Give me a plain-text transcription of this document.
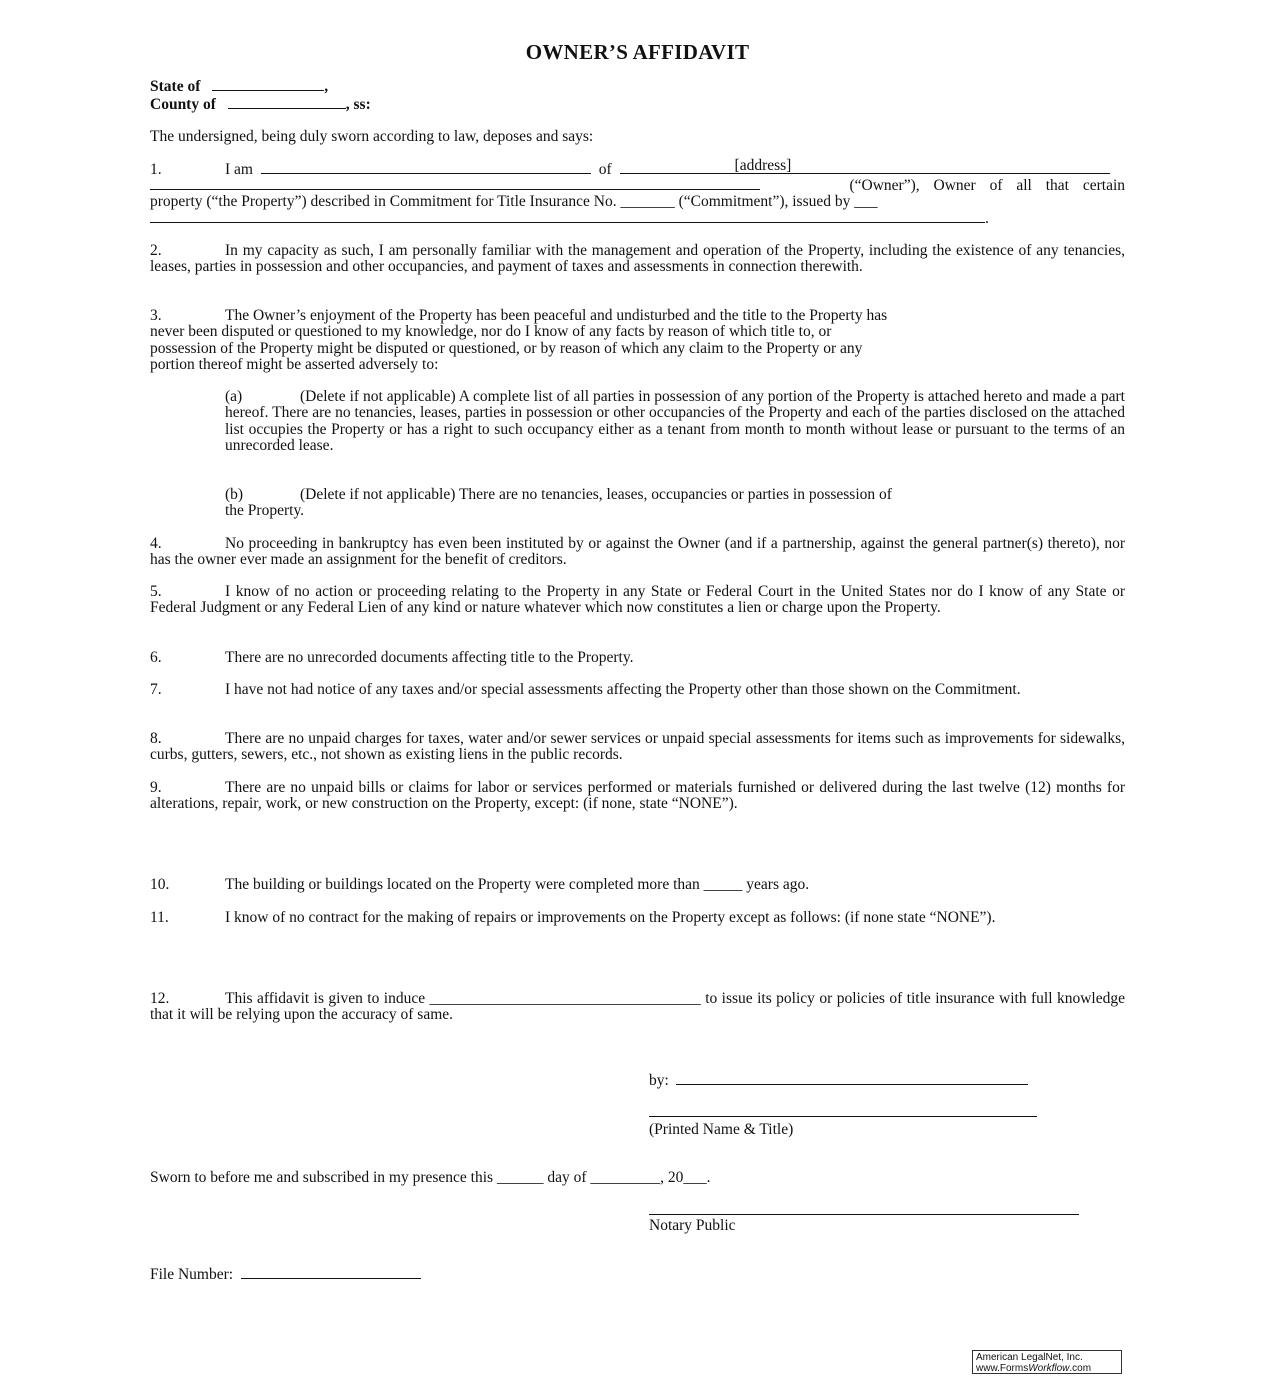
OWNER’S AFFIDAVIT
State of	,
County of	, ss:
The undersigned, being duly sworn according to law, deposes and says:
1.	I am	of	[address]
(“Owner”), Owner of all that certain
property (“the Property”) described in Commitment for Title Insurance No. _______ (“Commitment”), issued by ___
.
2.	In my capacity as such, I am personally familiar with the management and operation of the Property, including the existence of any tenancies, leases, parties in possession and other occupancies, and payment of taxes and assessments in connection therewith.
3.	The Owner’s enjoyment of the Property has been peaceful and undisturbed and the title to the Property has
never been disputed or questioned to my knowledge, nor do I know of any facts by reason of which title to, or
possession of the Property might be disputed or questioned, or by reason of which any claim to the Property or any
portion thereof might be asserted adversely to:
(a)	(Delete if not applicable) A complete list of all parties in possession of any portion of the Property is attached hereto and made a part hereof. There are no tenancies, leases, parties in possession or other occupancies of the Property and each of the parties disclosed on the attached list occupies the Property or has a right to such occupancy either as a tenant from month to month without lease or pursuant to the terms of an unrecorded lease.
(b)	(Delete if not applicable) There are no tenancies, leases, occupancies or parties in possession of
the Property.
4.	No proceeding in bankruptcy has even been instituted by or against the Owner (and if a partnership, against the general partner(s) thereto), nor has the owner ever made an assignment for the benefit of creditors.
5.	I know of no action or proceeding relating to the Property in any State or Federal Court in the United States nor do I know of any State or Federal Judgment or any Federal Lien of any kind or nature whatever which now constitutes a lien or charge upon the Property.
6.	There are no unrecorded documents affecting title to the Property.
7.	I have not had notice of any taxes and/or special assessments affecting the Property other than those shown on the Commitment.
8.	There are no unpaid charges for taxes, water and/or sewer services or unpaid special assessments for items such as improvements for sidewalks, curbs, gutters, sewers, etc., not shown as existing liens in the public records.
9.	There are no unpaid bills or claims for labor or services performed or materials furnished or delivered during the last twelve (12) months for alterations, repair, work, or new construction on the Property, except: (if none, state “NONE”).
10.	The building or buildings located on the Property were completed more than _____ years ago.
11.	I know of no contract for the making of repairs or improvements on the Property except as follows: (if none state “NONE”).
12.	This affidavit is given to induce ___________________________________ to issue its policy or policies of title insurance with full knowledge that it will be relying upon the accuracy of same.
by:
(Printed Name & Title)
Sworn to before me and subscribed in my presence this ______ day of _________, 20___.
Notary Public
File Number:
American LegalNet, Inc.
www.FormsWorkflow.com
